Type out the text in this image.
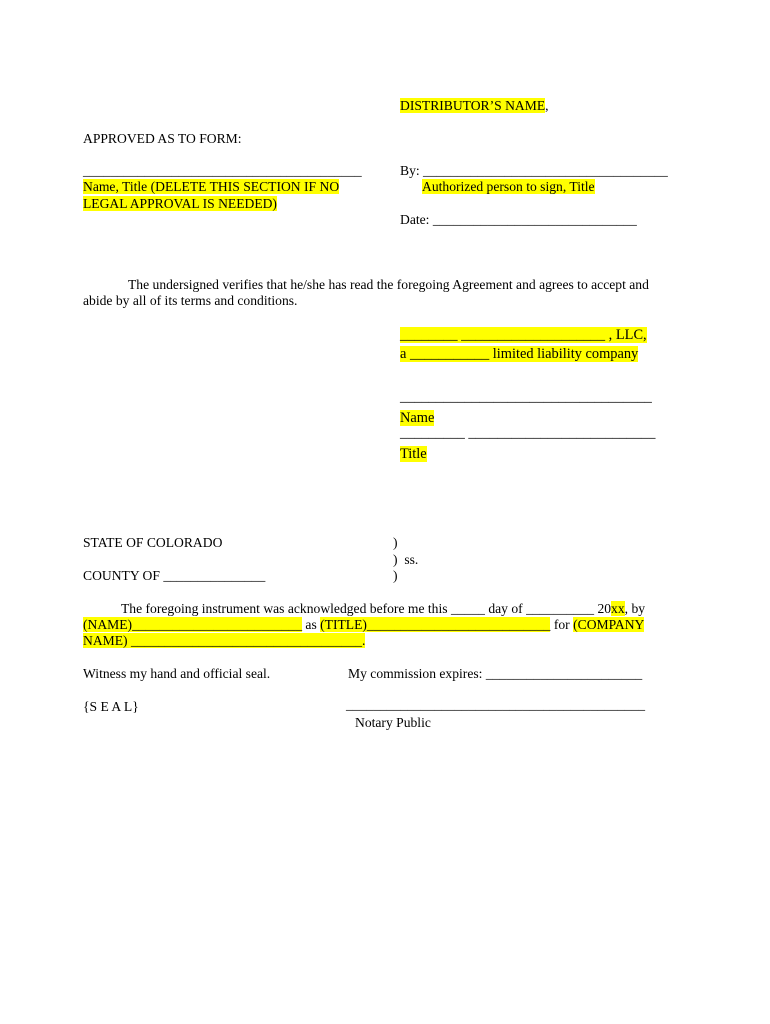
DISTRIBUTOR’S NAME,
APPROVED AS TO FORM:
_________________________________________
Name, Title (DELETE THIS SECTION IF NO
LEGAL APPROVAL IS NEEDED)
By: ____________________________________
Authorized person to sign, Title
Date: ______________________________
The undersigned verifies that he/she has read the foregoing Agreement and agrees to accept and
abide by all of its terms and conditions.
________ ____________________ , LLC,
a ___________ limited liability company
___________________________________
Name
_________ __________________________
Title
STATE OF COLORADO	)
)  ss.
COUNTY OF _______________	)
The foregoing instrument was acknowledged before me this _____ day of __________ 20xx, by
(NAME)_________________________ as (TITLE)___________________________ for (COMPANY
NAME) __________________________________.
Witness my hand and official seal.	My commission expires: _______________________
{S E A L}	____________________________________________
Notary Public
